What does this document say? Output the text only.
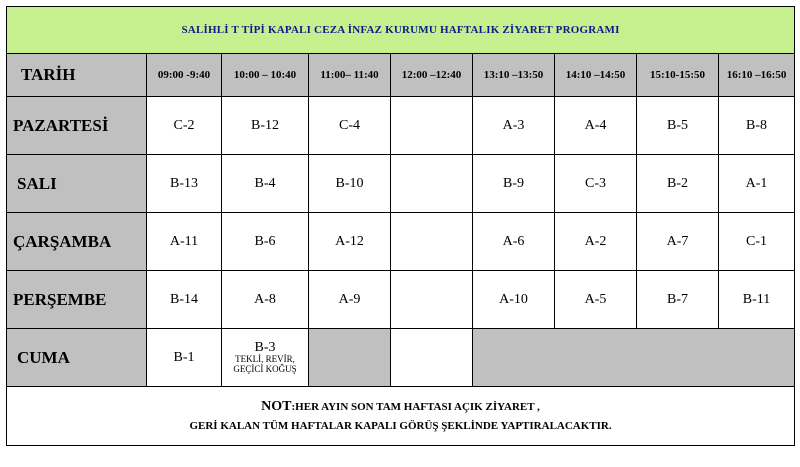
SALİHLİ T TİPİ KAPALI CEZA İNFAZ KURUMU HAFTALIK ZİYARET PROGRAMI								
TARİH	09:00 -9:40	10:00 – 10:40	11:00– 11:40	12:00 –12:40	13:10 –13:50	14:10 –14:50	15:10-15:50	16:10 –16:50
PAZARTESİ	C-2	B-12	C-4		A-3	A-4	B-5	B-8
SALI	B-13	B-4	B-10		B-9	C-3	B-2	A-1
ÇARŞAMBA	A-11	B-6	A-12		A-6	A-2	A-7	C-1
PERŞEMBE	B-14	A-8	A-9		A-10	A-5	B-7	B-11
CUMA	B-1	B-3
TEKLİ, REVİR,
GEÇİCİ KOĞUŞ						

NOT:HER AYIN SON TAM HAFTASI AÇIK ZİYARET ,
GERİ KALAN TÜM HAFTALAR KAPALI GÖRÜŞ ŞEKLİNDE YAPTIRALACAKTIR.								
